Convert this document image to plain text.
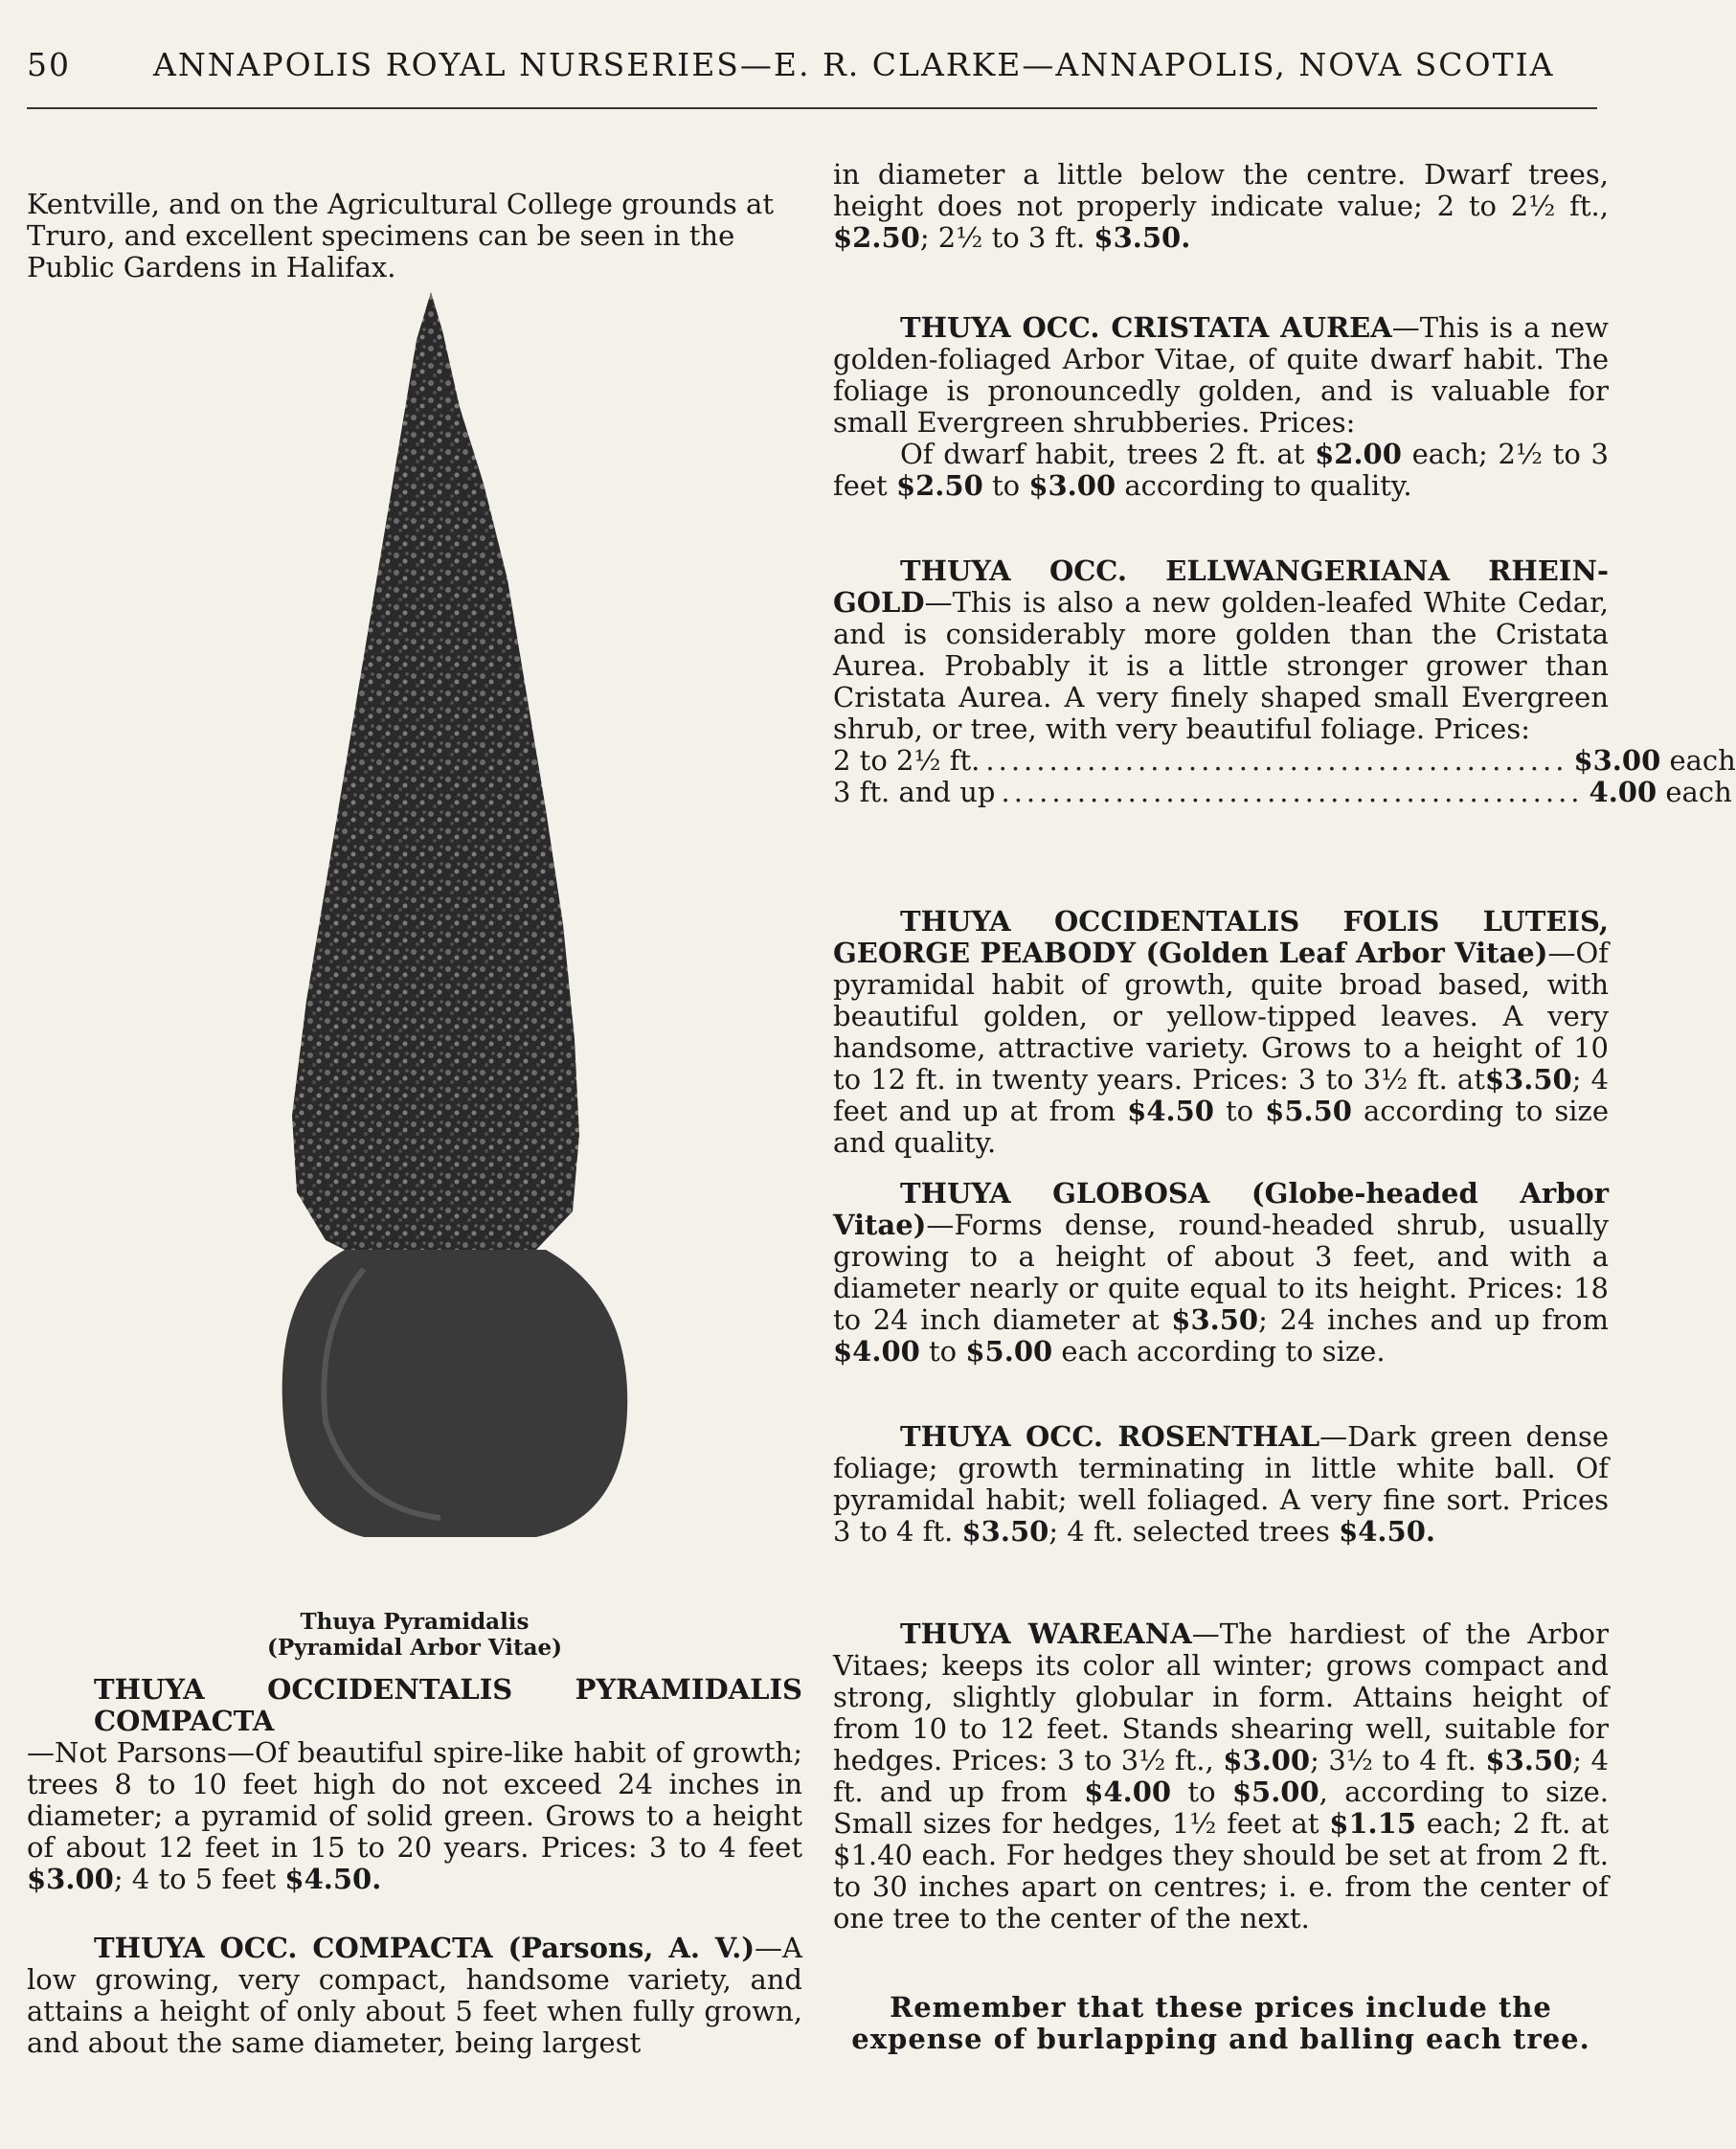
50	ANNAPOLIS ROYAL NURSERIES—E. R. CLARKE—ANNAPOLIS, NOVA SCOTIA

Kentville, and on the Agricultural College grounds at Truro, and excellent specimens can be seen in the Public Gardens in Halifax.

Thuya Pyramidalis
(Pyramidal Arbor Vitae)

THUYA OCCIDENTALIS PYRAMIDALIS COMPACTA—Not Parsons—Of beautiful spire-like habit of growth; trees 8 to 10 feet high do not exceed 24 inches in diameter; a pyramid of solid green. Grows to a height of about 12 feet in 15 to 20 years. Prices: 3 to 4 feet $3.00; 4 to 5 feet $4.50.

THUYA OCC. COMPACTA (Parsons, A. V.)—A low growing, very compact, handsome variety, and attains a height of only about 5 feet when fully grown, and about the same diameter, being largest

in diameter a little below the centre. Dwarf trees, height does not properly indicate value; 2 to 2½ ft., $2.50; 2½ to 3 ft. $3.50.

THUYA OCC. CRISTATA AUREA—This is a new golden-foliaged Arbor Vitae, of quite dwarf habit. The foliage is pronouncedly golden, and is valuable for small Evergreen shrubberies. Prices:

Of dwarf habit, trees 2 ft. at $2.00 each; 2½ to 3 feet $2.50 to $3.00 according to quality.

THUYA OCC. ELLWANGERIANA RHEIN-GOLD—This is also a new golden-leafed White Cedar, and is considerably more golden than the Cristata Aurea. Probably it is a little stronger grower than Cristata Aurea. A very finely shaped small Evergreen shrub, or tree, with very beautiful foliage. Prices:

2 to 2½ ft. .............................................. $3.00 each
3 ft. and up .............................................. 4.00 each

THUYA OCCIDENTALIS FOLIS LUTEIS, GEORGE PEABODY (Golden Leaf Arbor Vitae)—Of pyramidal habit of growth, quite broad based, with beautiful golden, or yellow-tipped leaves. A very handsome, attractive variety. Grows to a height of 10 to 12 ft. in twenty years. Prices: 3 to 3½ ft. at$3.50; 4 feet and up at from $4.50 to $5.50 according to size and quality.

THUYA GLOBOSA (Globe-headed Arbor Vitae)—Forms dense, round-headed shrub, usually growing to a height of about 3 feet, and with a diameter nearly or quite equal to its height. Prices: 18 to 24 inch diameter at $3.50; 24 inches and up from $4.00 to $5.00 each according to size.

THUYA OCC. ROSENTHAL—Dark green dense foliage; growth terminating in little white ball. Of pyramidal habit; well foliaged. A very fine sort. Prices 3 to 4 ft. $3.50; 4 ft. selected trees $4.50.

THUYA WAREANA—The hardiest of the Arbor Vitaes; keeps its color all winter; grows compact and strong, slightly globular in form. Attains height of from 10 to 12 feet. Stands shearing well, suitable for hedges. Prices: 3 to 3½ ft., $3.00; 3½ to 4 ft. $3.50; 4 ft. and up from $4.00 to $5.00, according to size. Small sizes for hedges, 1½ feet at $1.15 each; 2 ft. at $1.40 each. For hedges they should be set at from 2 ft. to 30 inches apart on centres; i. e. from the center of one tree to the center of the next.

Remember that these prices include the expense of burlapping and balling each tree.
